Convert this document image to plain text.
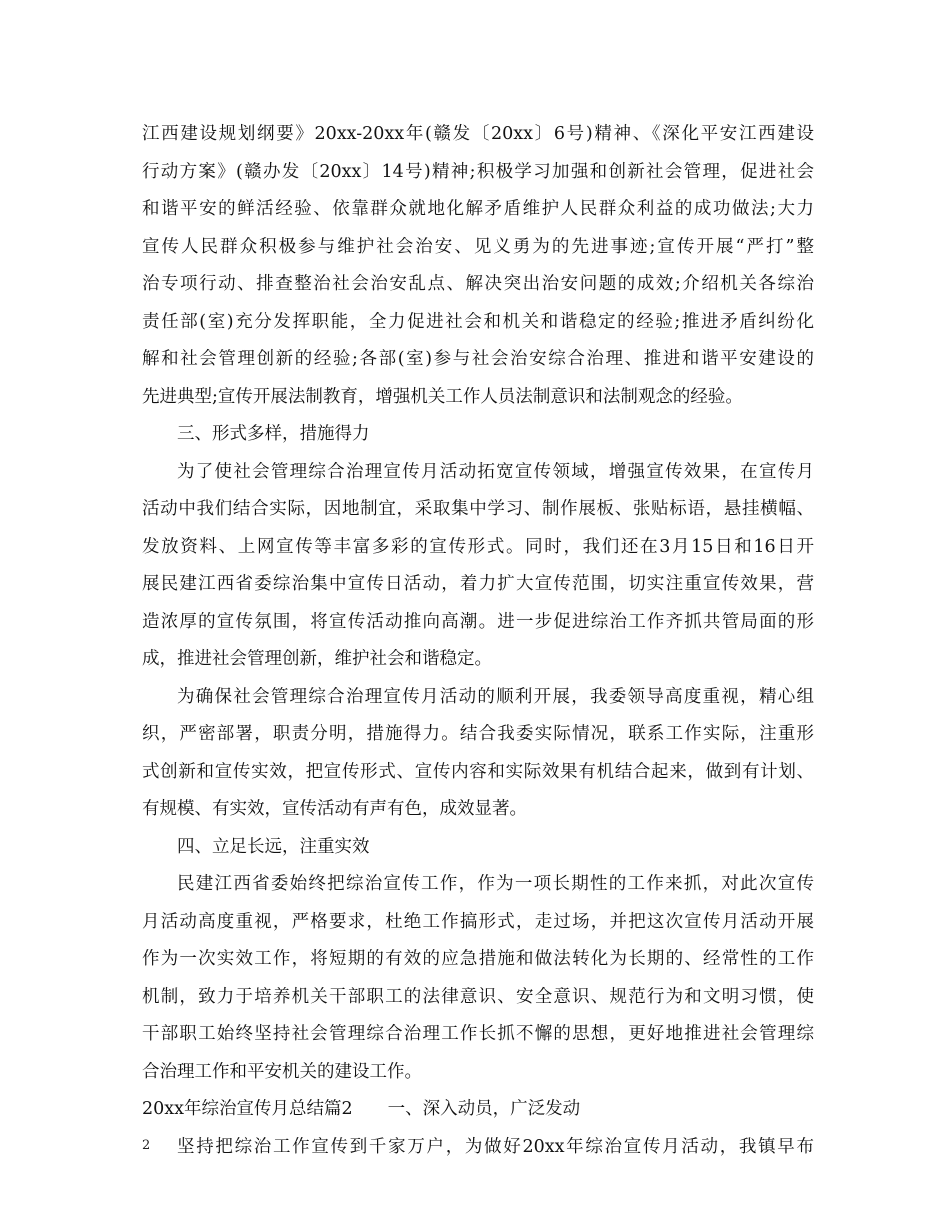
江西建设规划纲要》20xx-20xx年(赣发〔20xx〕6号)精神、《深化平安江西建设
行动方案》(赣办发〔20xx〕14号)精神;积极学习加强和创新社会管理，促进社会
和谐平安的鲜活经验、依靠群众就地化解矛盾维护人民群众利益的成功做法;大力
宣传人民群众积极参与维护社会治安、见义勇为的先进事迹;宣传开展“严打”整
治专项行动、排查整治社会治安乱点、解决突出治安问题的成效;介绍机关各综治
责任部(室)充分发挥职能，全力促进社会和机关和谐稳定的经验;推进矛盾纠纷化
解和社会管理创新的经验;各部(室)参与社会治安综合治理、推进和谐平安建设的
先进典型;宣传开展法制教育，增强机关工作人员法制意识和法制观念的经验。
三、形式多样，措施得力
为了使社会管理综合治理宣传月活动拓宽宣传领域，增强宣传效果，在宣传月
活动中我们结合实际，因地制宜，采取集中学习、制作展板、张贴标语，悬挂横幅、
发放资料、上网宣传等丰富多彩的宣传形式。同时，我们还在3月15日和16日开
展民建江西省委综治集中宣传日活动，着力扩大宣传范围，切实注重宣传效果，营
造浓厚的宣传氛围，将宣传活动推向高潮。进一步促进综治工作齐抓共管局面的形
成，推进社会管理创新，维护社会和谐稳定。
为确保社会管理综合治理宣传月活动的顺利开展，我委领导高度重视，精心组
织，严密部署，职责分明，措施得力。结合我委实际情况，联系工作实际，注重形
式创新和宣传实效，把宣传形式、宣传内容和实际效果有机结合起来，做到有计划、
有规模、有实效，宣传活动有声有色，成效显著。
四、立足长远，注重实效
民建江西省委始终把综治宣传工作，作为一项长期性的工作来抓，对此次宣传
月活动高度重视，严格要求，杜绝工作搞形式，走过场，并把这次宣传月活动开展
作为一次实效工作，将短期的有效的应急措施和做法转化为长期的、经常性的工作
机制，致力于培养机关干部职工的法律意识、安全意识、规范行为和文明习惯，使
干部职工始终坚持社会管理综合治理工作长抓不懈的思想，更好地推进社会管理综
合治理工作和平安机关的建设工作。
20xx年综治宣传月总结篇2　　一、深入动员，广泛发动
坚持把综治工作宣传到千家万户，为做好20xx年综治宣传月活动，我镇早布
2
